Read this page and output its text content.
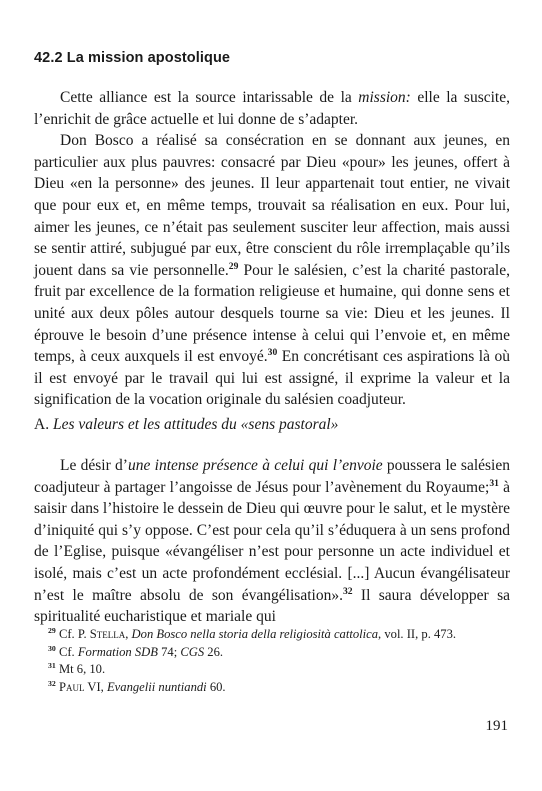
42.2 La mission apostolique

Cette alliance est la source intarissable de la mission: elle la suscite, l’enrichit de grâce actuelle et lui donne de s’adapter.

Don Bosco a réalisé sa consécration en se donnant aux jeunes, en particulier aux plus pauvres: consacré par Dieu «pour» les jeunes, offert à Dieu «en la personne» des jeunes. Il leur appartenait tout entier, ne vivait que pour eux et, en même temps, trouvait sa réalisation en eux. Pour lui, aimer les jeunes, ce n’était pas seulement susciter leur affection, mais aussi se sentir attiré, subjugué par eux, être conscient du rôle irremplaçable qu’ils jouent dans sa vie personnelle.$^{29}$ Pour le salésien, c’est la charité pastorale, fruit par excellence de la formation religieuse et humaine, qui donne sens et unité aux deux pôles autour desquels tourne sa vie: Dieu et les jeunes. Il éprouve le besoin d’une présence intense à celui qui l’envoie et, en même temps, à ceux auxquels il est envoyé.$^{30}$ En concrétisant ces aspirations là où il est envoyé par le travail qui lui est assigné, il exprime la valeur et la signification de la vocation originale du salésien coadjuteur.

A. Les valeurs et les attitudes du «sens pastoral»

Le désir d’une intense présence à celui qui l’envoie poussera le salésien coadjuteur à partager l’angoisse de Jésus pour l’avènement du Royaume;$^{31}$ à saisir dans l’histoire le dessein de Dieu qui œuvre pour le salut, et le mystère d’iniquité qui s’y oppose. C’est pour cela qu’il s’éduquera à un sens profond de l’Eglise, puisque «évangéliser n’est pour personne un acte individuel et isolé, mais c’est un acte profondément ecclésial. [...] Aucun évangélisateur n’est le maître absolu de son évangélisation».$^{32}$ Il saura développer sa spiritualité eucharistique et mariale qui

$^{29}$ Cf. P. Stella, Don Bosco nella storia della religiosità cattolica, vol. II, p. 473.

$^{30}$ Cf. Formation SDB 74; CGS 26.

$^{31}$ Mt 6, 10.

$^{32}$ Paul VI, Evangelii nuntiandi 60.

191
